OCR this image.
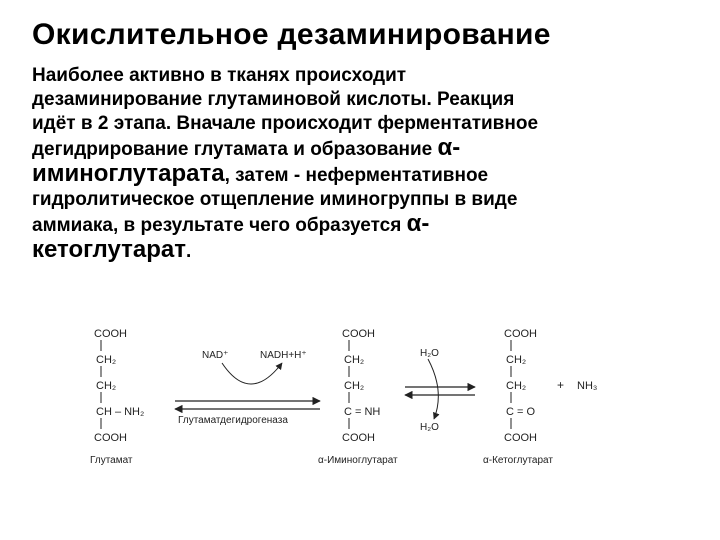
Окислительное дезаминирование
Наиболее активно в тканях происходит
дезаминирование глутаминовой кислоты. Реакция
идёт в 2 этапа. Вначале происходит ферментативное
дегидрирование глутамата и образование α-
иминоглутарата, затем - неферментативное
гидролитическое отщепление иминогруппы в виде
аммиака, в результате чего образуется α-
кетоглутарат.
COOH
CH₂
CH₂
CH – NH₂
COOH
Глутамат
NAD⁺	NADH+H⁺
Глутаматдегидрогеназа
COOH
CH₂
CH₂
C = NH
COOH
α-Иминоглутарат
H₂O
H₂O
COOH
CH₂
CH₂
C = O
COOH
α-Кетоглутарат
+ NH₃
